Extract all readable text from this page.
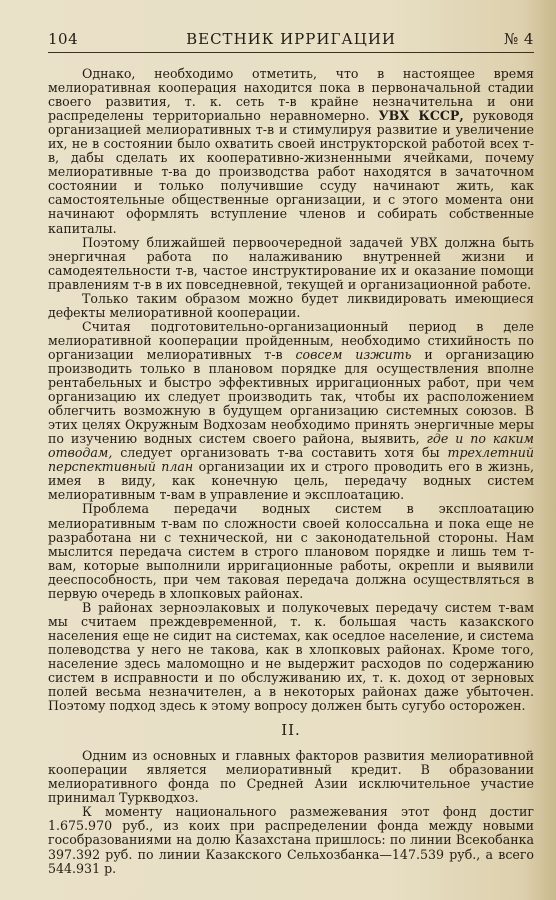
104	ВЕСТНИК ИРРИГАЦИИ	№ 4

Однако, необходимо отметить, что в настоящее время мелиоративная кооперация находится пока в первоначальной стадии своего развития, т. к. сеть т-в крайне незначительна и они распределены территориально неравномерно. УВХ КССР, руководя организацией мелиоративных т-в и стимулируя развитие и увеличение их, не в состоянии было охватить своей инструкторской работой всех т-в, дабы сделать их кооперативно-жизненными ячейками, почему мелиоративные т-ва до производства работ находятся в зачаточном состоянии и только получившие ссуду начинают жить, как самостоятельные общественные организации, и с этого момента они начинают оформлять вступление членов и собирать собственные капиталы.

Поэтому ближайшей первоочередной задачей УВХ должна быть энергичная работа по налаживанию внутренней жизни и самодеятельности т-в, частое инструктирование их и оказание помощи правлениям т-в в их повседневной, текущей и организационной работе.

Только таким образом можно будет ликвидировать имеющиеся дефекты мелиоративной кооперации.

Считая подготовительно-организационный период в деле мелиоративной кооперации пройденным, необходимо стихийность по организации мелиоративных т-в совсем изжить и организацию производить только в плановом порядке для осуществления вполне рентабельных и быстро эффективных ирригационных работ, при чем организацию их следует производить так, чтобы их расположением облегчить возможную в будущем организацию системных союзов. В этих целях Окружным Водхозам необходимо принять энергичные меры по изучению водных систем своего района, выявить, где и по каким отводам, следует организовать т-ва составить хотя бы трехлетний перспективный план организации их и строго проводить его в жизнь, имея в виду, как конечную цель, передачу водных систем мелиоративным т-вам в управление и эксплоатацию.

Проблема передачи водных систем в эксплоатацию мелиоративным т-вам по сложности своей колоссальна и пока еще не разработана ни с технической, ни с законодательной стороны. Нам мыслится передача систем в строго плановом порядке и лишь тем т-вам, которые выполнили ирригационные работы, окрепли и выявили дееспособность, при чем таковая передача должна осуществляться в первую очередь в хлопковых районах.

В районах зерноэлаковых и полукочевых передачу систем т-вам мы считаем преждевременной, т. к. большая часть казакского населения еще не сидит на системах, как оседлое население, и система полеводства у него не такова, как в хлопковых районах. Кроме того, население здесь маломощно и не выдержит расходов по содержанию систем в исправности и по обслуживанию их, т. к. доход от зерновых полей весьма незначителен, а в некоторых районах даже убыточен. Поэтому подход здесь к этому вопросу должен быть сугубо осторожен.

II.

Одним из основных и главных факторов развития мелиоративной кооперации является мелиоративный кредит. В образовании мелиоративного фонда по Средней Азии исключительное участие принимал Туркводхоз.

К моменту национального размежевания этот фонд достиг 1.675.970 руб., из коих при распределении фонда между новыми гособразованиями на долю Казахстана пришлось: по линии Всекобанка 397.392 руб. по линии Казакского Сельхозбанка—147.539 руб., а всего 544.931 р.
